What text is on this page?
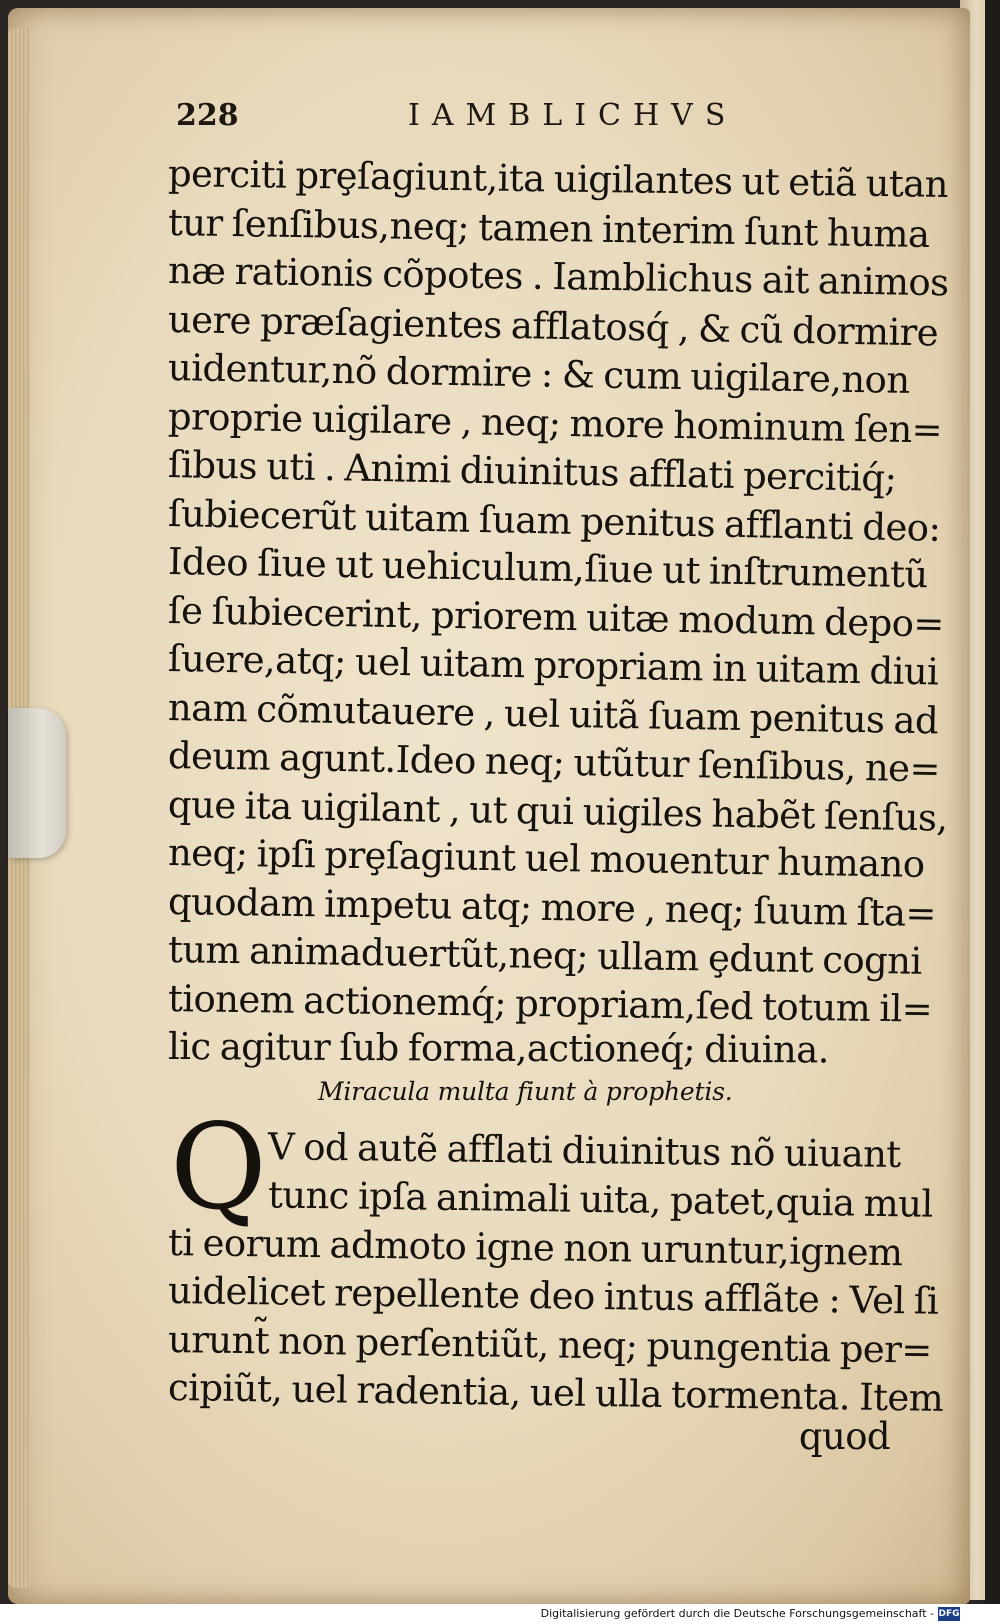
228	IAMBLICHVS
perciti prȩſagiunt,ita uigilantes ut etiã utan
tur ſenſibus,neq; tamen interim ſunt huma
næ rationis cõpotes . Iamblichus ait animos
uere præſagientes afflatosq́ , & cũ dormire
uidentur,nõ dormire : & cum uigilare,non
proprie uigilare , neq; more hominum ſen=
ſibus uti . Animi diuinitus afflati percitiq́;
ſubiecerũt uitam ſuam penitus afflanti deo:
Ideo ſiue ut uehiculum,ſiue ut inſtrumentũ
ſe ſubiecerint, priorem uitæ modum depo=
ſuere,atq; uel uitam propriam in uitam diui
nam cõmutauere , uel uitã ſuam penitus ad
deum agunt.Ideo neq; utũtur ſenſibus, ne=
que ita uigilant , ut qui uigiles habẽt ſenſus,
neq; ipſi prȩſagiunt uel mouentur humano
quodam impetu atq; more , neq; ſuum ſta=
tum animaduertũt,neq; ullam ȩdunt cogni
tionem actionemq́; propriam,ſed totum il=
lic agitur ſub forma,actioneq́; diuina.
Miracula multa fiunt à prophetis.
Q V od autẽ afflati diuinitus nõ uiuant
tunc ipſa animali uita, patet,quia mul
ti eorum admoto igne non uruntur,ignem
uidelicet repellente deo intus afflãte : Vel ſi
urunt̃ non perſentiũt, neq; pungentia per=
cipiũt, uel radentia, uel ulla tormenta. Item
quod
Digitalisierung gefördert durch die Deutsche Forschungsgemeinschaft - DFG
